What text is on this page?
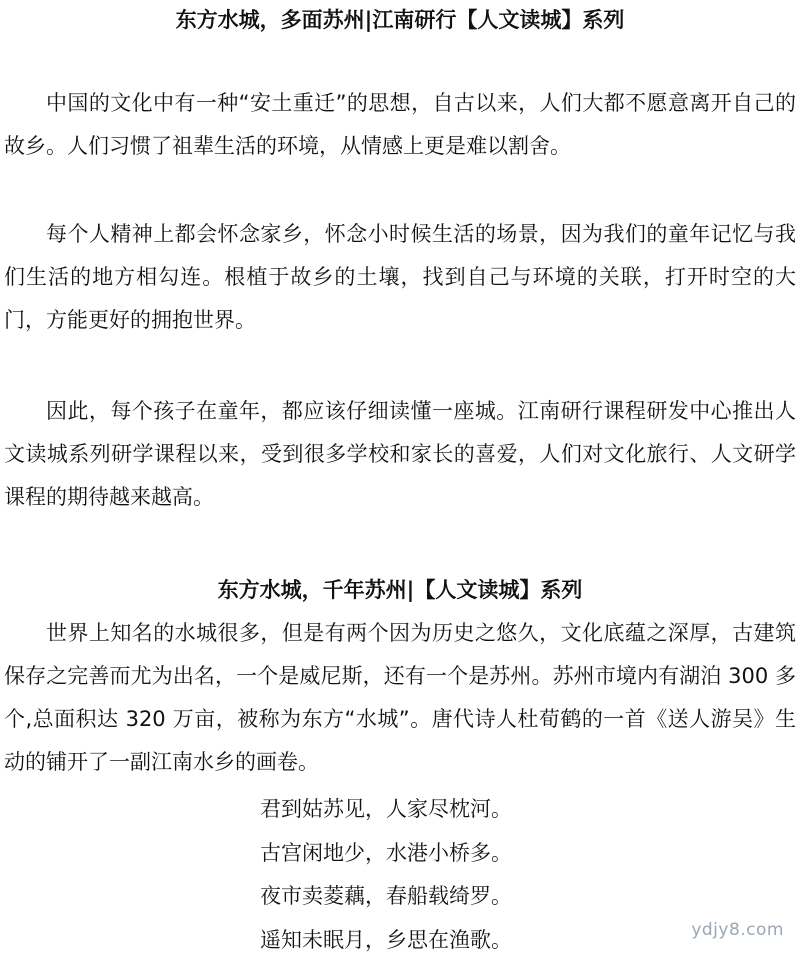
东方水城，多面苏州|江南研行【人文读城】系列

中国的文化中有一种“安土重迁”的思想，自古以来，人们大都不愿意离开自己的故乡。人们习惯了祖辈生活的环境，从情感上更是难以割舍。

每个人精神上都会怀念家乡，怀念小时候生活的场景，因为我们的童年记忆与我们生活的地方相勾连。根植于故乡的土壤，找到自己与环境的关联，打开时空的大门，方能更好的拥抱世界。

因此，每个孩子在童年，都应该仔细读懂一座城。江南研行课程研发中心推出人文读城系列研学课程以来，受到很多学校和家长的喜爱，人们对文化旅行、人文研学课程的期待越来越高。

东方水城，千年苏州|【人文读城】系列

世界上知名的水城很多，但是有两个因为历史之悠久，文化底蕴之深厚，古建筑保存之完善而尤为出名，一个是威尼斯，还有一个是苏州。苏州市境内有湖泊 300 多个,总面积达 320 万亩，被称为东方“水城”。唐代诗人杜荀鹤的一首《送人游吴》生动的铺开了一副江南水乡的画卷。

君到姑苏见，人家尽枕河。
古宫闲地少，水港小桥多。
夜市卖菱藕，春船载绮罗。
遥知未眠月，乡思在渔歌。	ydjy8.com
